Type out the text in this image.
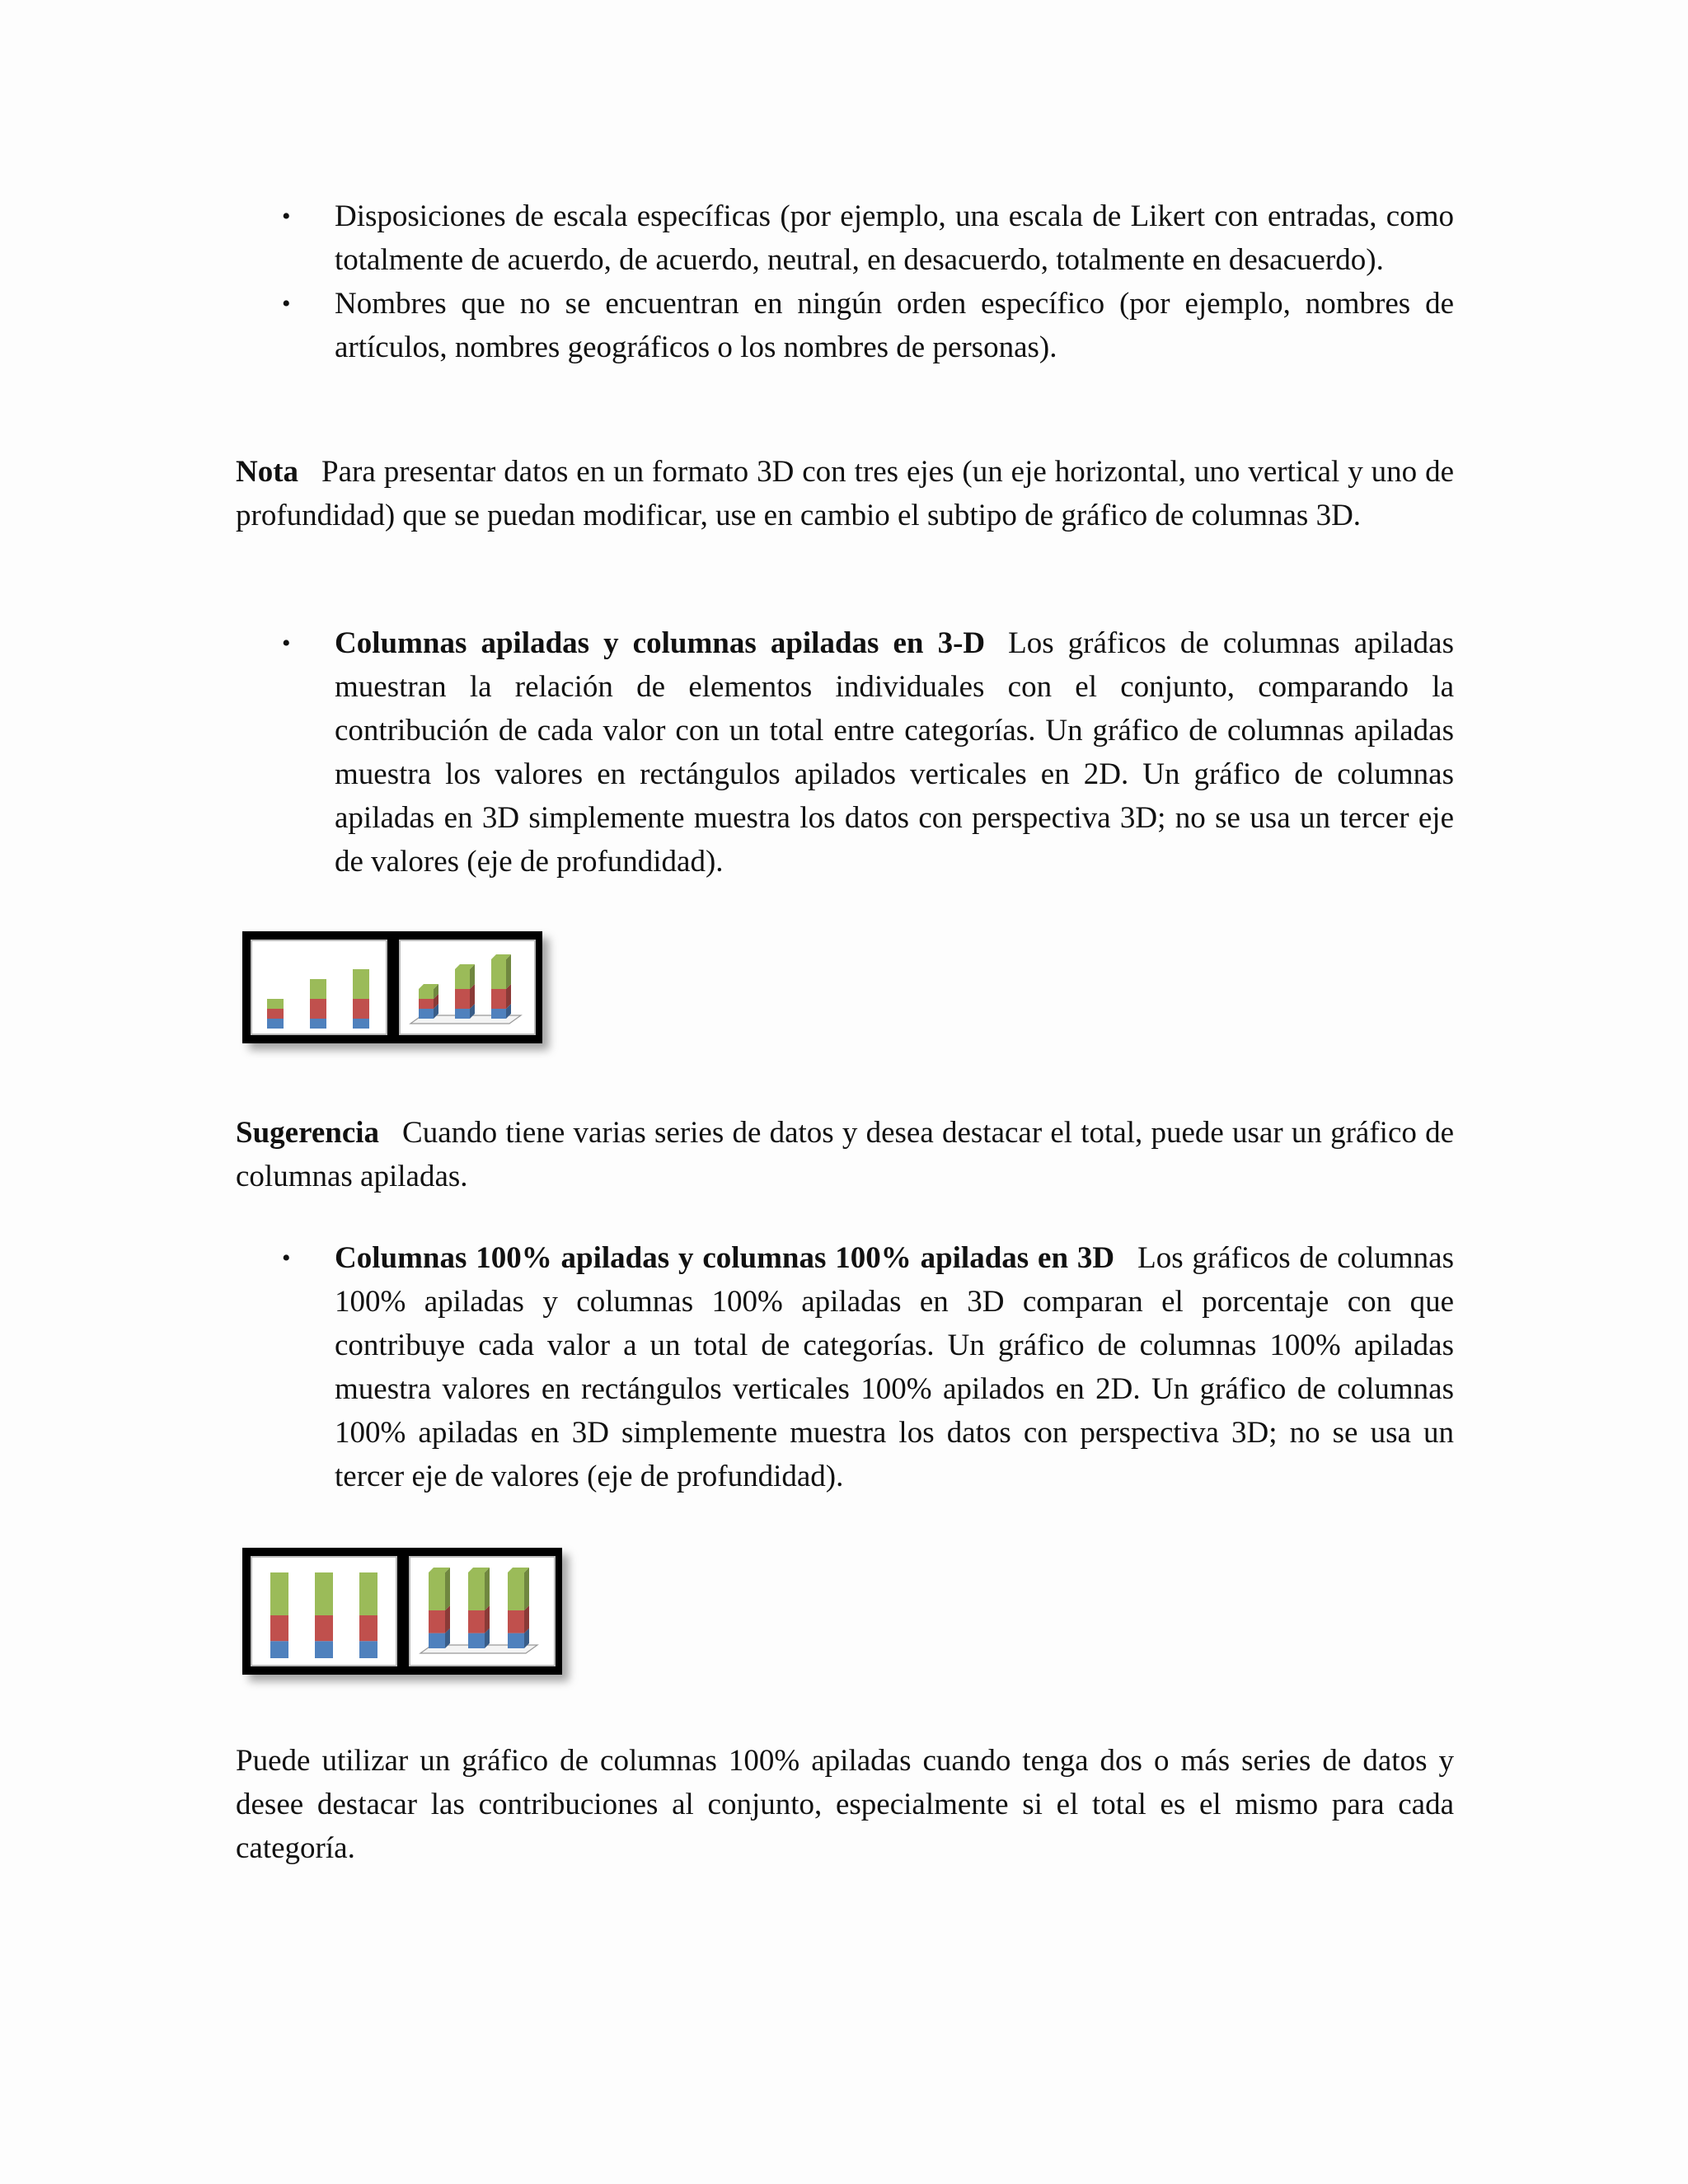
• Disposiciones de escala específicas (por ejemplo, una escala de Likert con entradas, como totalmente de acuerdo, de acuerdo, neutral, en desacuerdo, totalmente en desacuerdo).
• Nombres que no se encuentran en ningún orden específico (por ejemplo, nombres de artículos, nombres geográficos o los nombres de personas).

Nota Para presentar datos en un formato 3D con tres ejes (un eje horizontal, uno vertical y uno de profundidad) que se puedan modificar, use en cambio el subtipo de gráfico de columnas 3D.

• Columnas apiladas y columnas apiladas en 3-D Los gráficos de columnas apiladas muestran la relación de elementos individuales con el conjunto, comparando la contribución de cada valor con un total entre categorías. Un gráfico de columnas apiladas muestra los valores en rectángulos apilados verticales en 2D. Un gráfico de columnas apiladas en 3D simplemente muestra los datos con perspectiva 3D; no se usa un tercer eje de valores (eje de profundidad).

Sugerencia Cuando tiene varias series de datos y desea destacar el total, puede usar un gráfico de columnas apiladas.

• Columnas 100% apiladas y columnas 100% apiladas en 3D Los gráficos de columnas 100% apiladas y columnas 100% apiladas en 3D comparan el porcentaje con que contribuye cada valor a un total de categorías. Un gráfico de columnas 100% apiladas muestra valores en rectángulos verticales 100% apilados en 2D. Un gráfico de columnas 100% apiladas en 3D simplemente muestra los datos con perspectiva 3D; no se usa un tercer eje de valores (eje de profundidad).

Puede utilizar un gráfico de columnas 100% apiladas cuando tenga dos o más series de datos y desee destacar las contribuciones al conjunto, especialmente si el total es el mismo para cada categoría.
